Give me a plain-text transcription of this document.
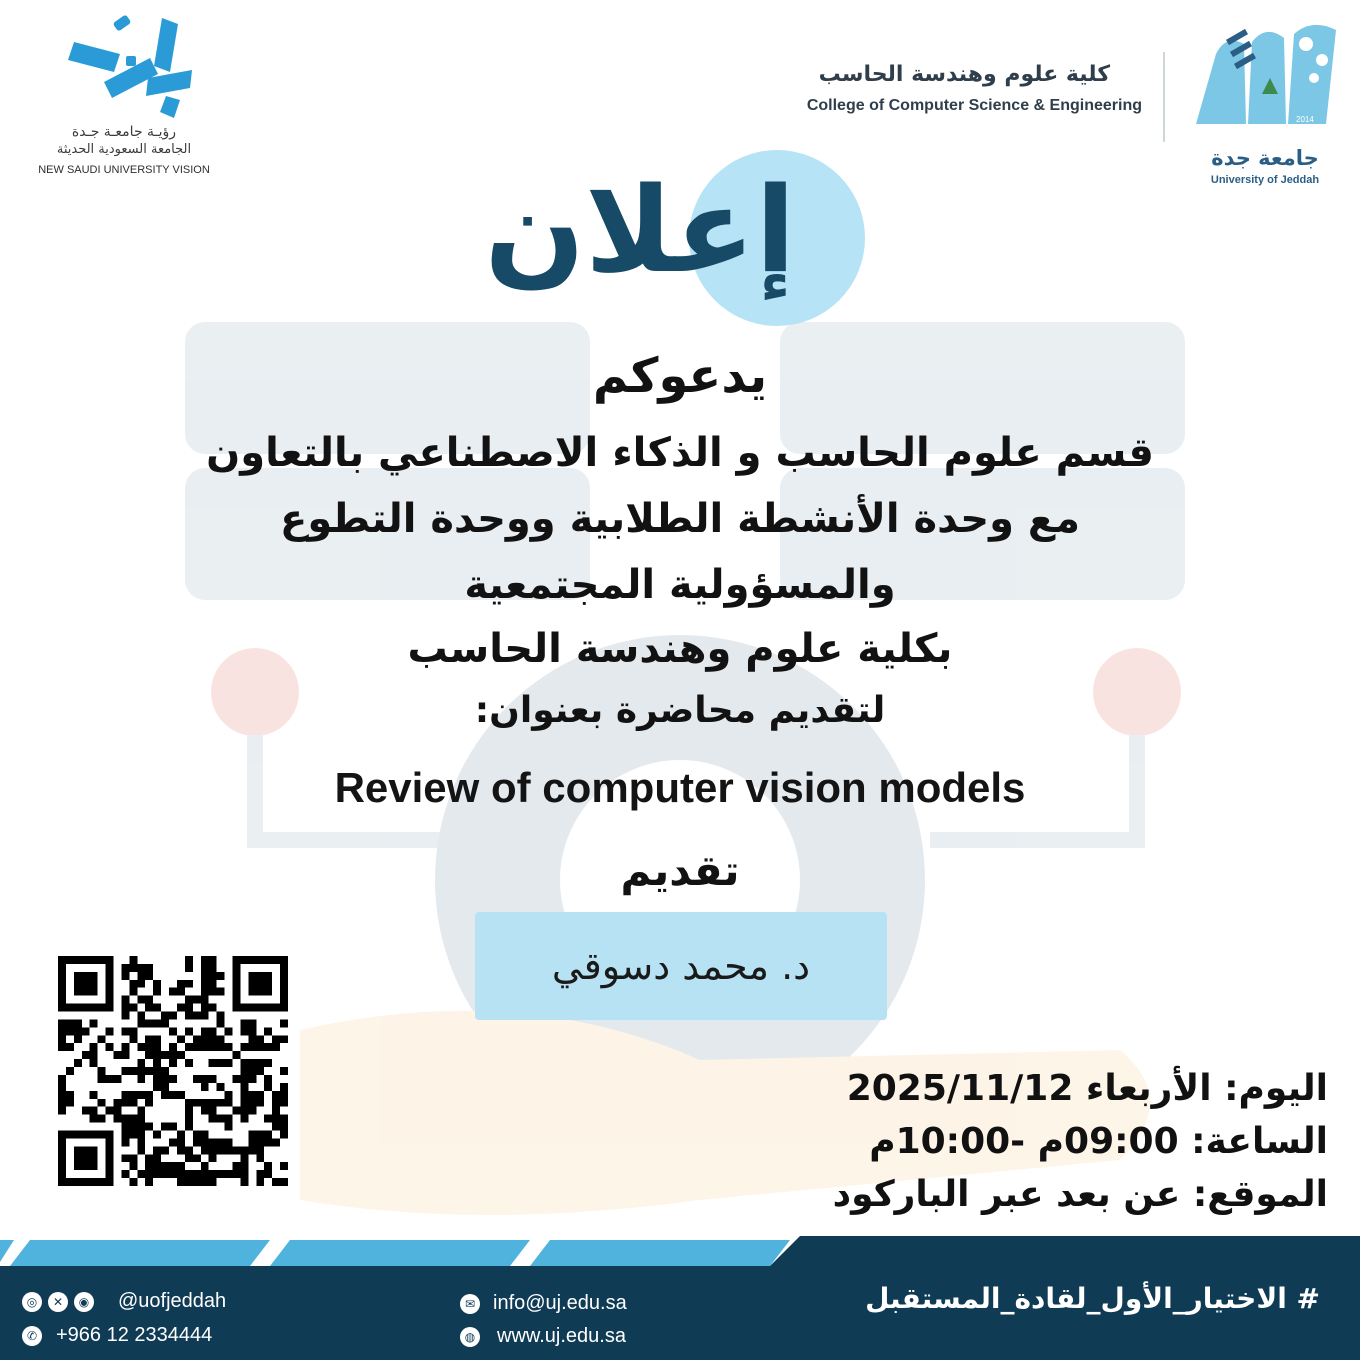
رؤيـة جامعـة جـدة
الجامعة السعودية الحديثة
NEW SAUDI UNIVERSITY VISION
كلية علوم وهندسة الحاسب
College of Computer Science & Engineering
2014
جامعة جدة
University of Jeddah
إعلان
يدعوكم
قسم علوم الحاسب و الذكاء الاصطناعي بالتعاون
مع وحدة الأنشطة الطلابية ووحدة التطوع
والمسؤولية المجتمعية
بكلية علوم وهندسة الحاسب
لتقديم محاضرة بعنوان:
Review of computer vision models
تقديم
د. محمد دسوقي
اليوم: الأربعاء 2025/11/12
الساعة: 09:00م -10:00م
الموقع: عن بعد عبر الباركود
◎	✕	◉ @uofjeddah
✆ +966 12 2334444
✉ info@uj.edu.sa
◍ www.uj.edu.sa
# الاختيار_الأول_لقادة_المستقبل
